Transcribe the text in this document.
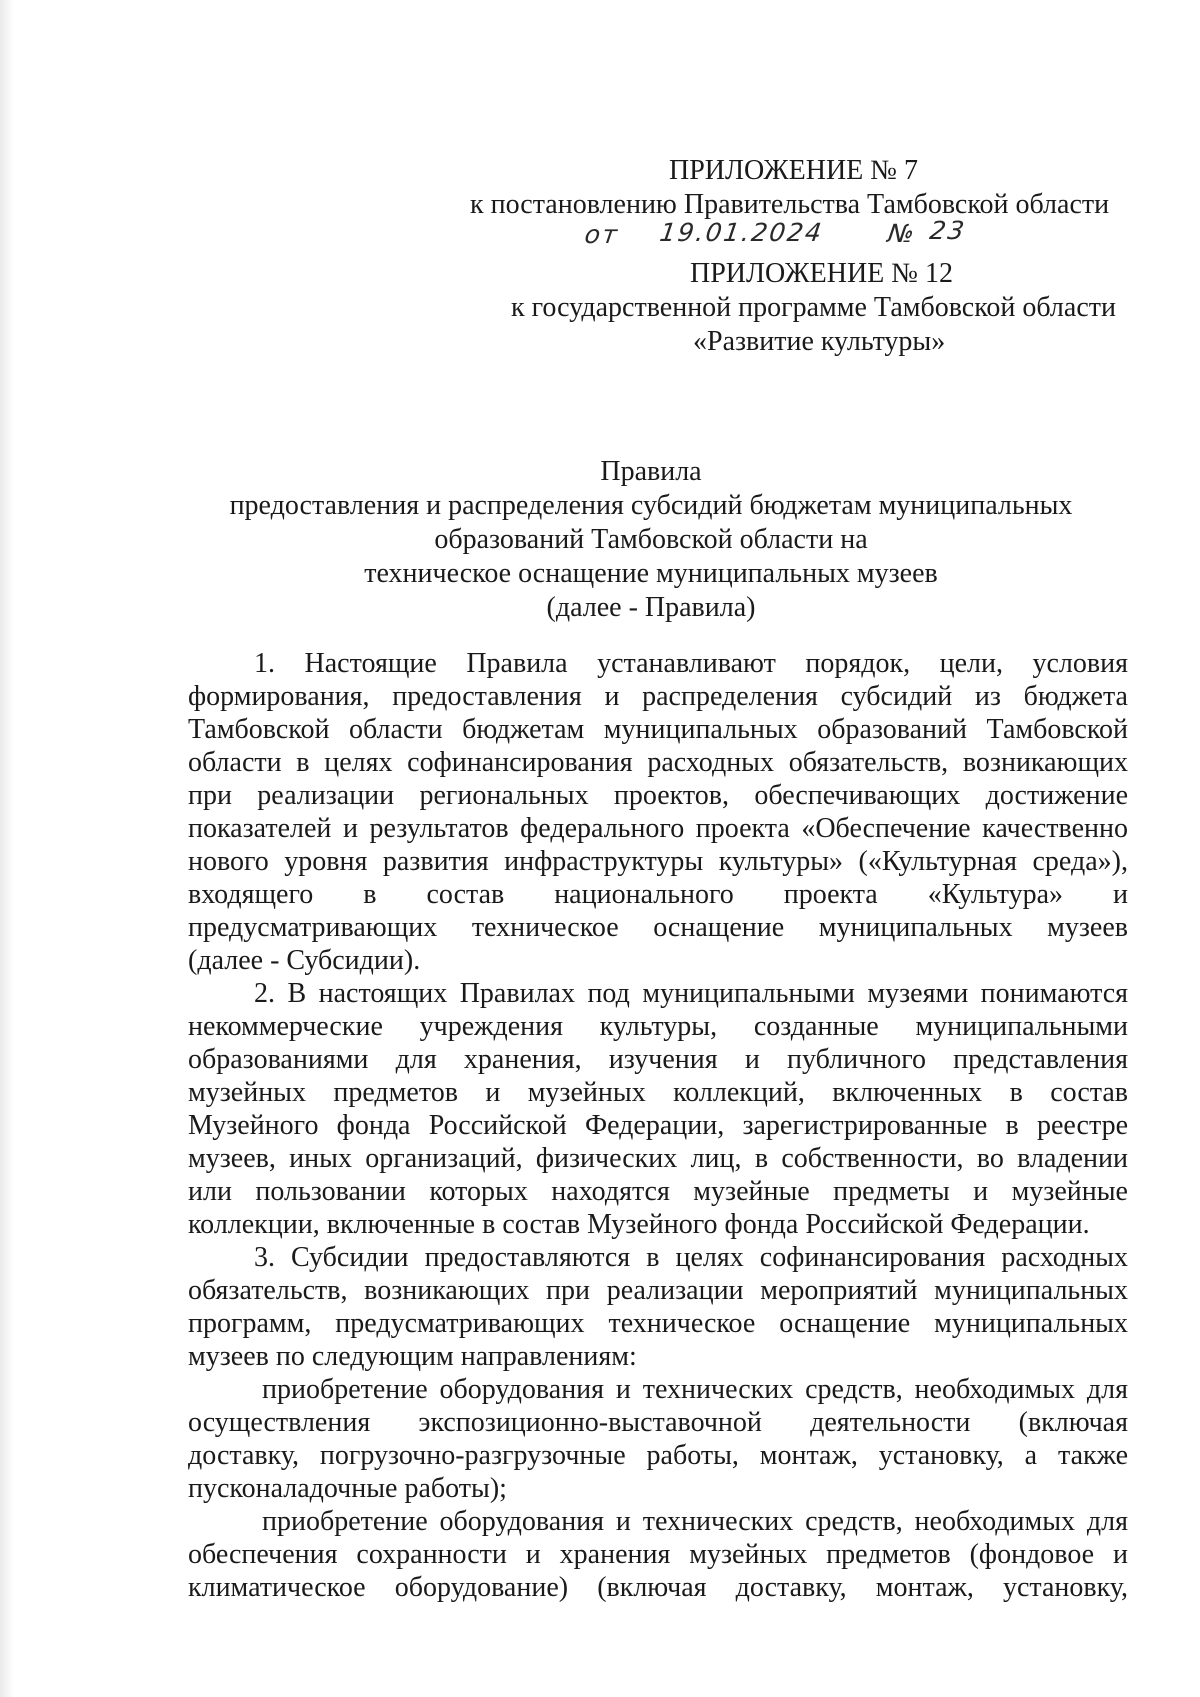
ПРИЛОЖЕНИЕ № 7
к постановлению Правительства Тамбовской области
от 19.01.2024 № 23
ПРИЛОЖЕНИЕ № 12
к государственной программе Тамбовской области
«Развитие культуры»
Правила
предоставления и распределения субсидий бюджетам муниципальных
образований Тамбовской области на
техническое оснащение муниципальных музеев
(далее - Правила)
1. Настоящие Правила устанавливают порядок, цели, условия
формирования, предоставления и распределения субсидий из бюджета
Тамбовской области бюджетам муниципальных образований Тамбовской
области в целях софинансирования расходных обязательств, возникающих
при реализации региональных проектов, обеспечивающих достижение
показателей и результатов федерального проекта «Обеспечение качественно
нового уровня развития инфраструктуры культуры» («Культурная среда»),
входящего в состав национального проекта «Культура» и
предусматривающих техническое оснащение муниципальных музеев
(далее - Субсидии).
2. В настоящих Правилах под муниципальными музеями понимаются
некоммерческие учреждения культуры, созданные муниципальными
образованиями для хранения, изучения и публичного представления
музейных предметов и музейных коллекций, включенных в состав
Музейного фонда Российской Федерации, зарегистрированные в реестре
музеев, иных организаций, физических лиц, в собственности, во владении
или пользовании которых находятся музейные предметы и музейные
коллекции, включенные в состав Музейного фонда Российской Федерации.
3. Субсидии предоставляются в целях софинансирования расходных
обязательств, возникающих при реализации мероприятий муниципальных
программ, предусматривающих техническое оснащение муниципальных
музеев по следующим направлениям:
приобретение оборудования и технических средств, необходимых для
осуществления экспозиционно-выставочной деятельности (включая
доставку, погрузочно-разгрузочные работы, монтаж, установку, а также
пусконаладочные работы);
приобретение оборудования и технических средств, необходимых для
обеспечения сохранности и хранения музейных предметов (фондовое и
климатическое оборудование) (включая доставку, монтаж, установку,
